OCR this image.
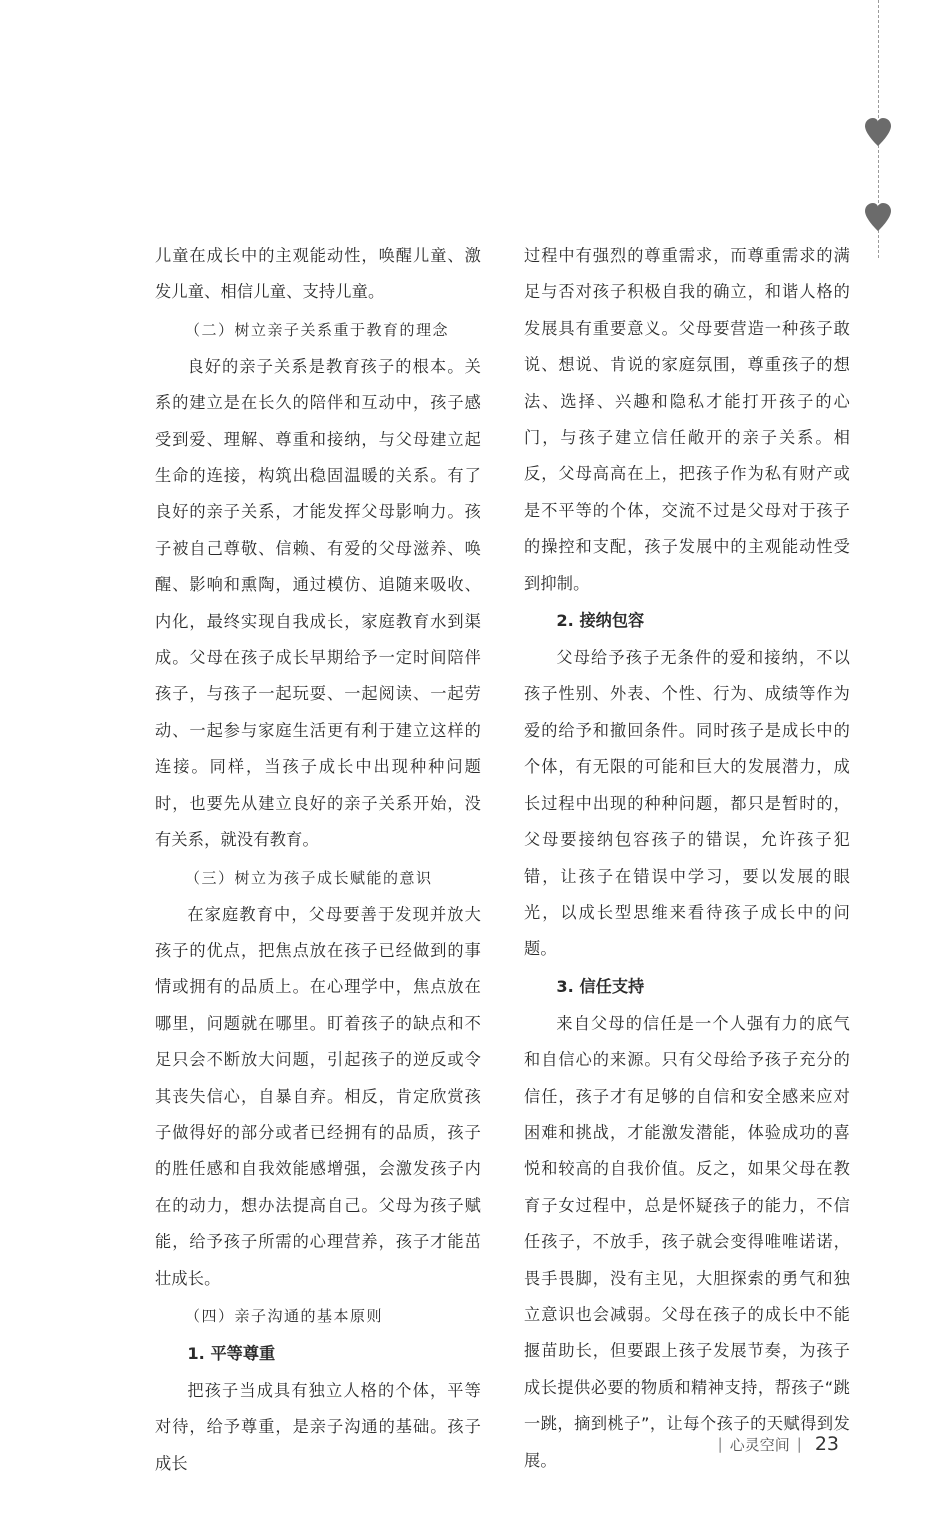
儿童在成长中的主观能动性，唤醒儿童、激发儿童、相信儿童、支持儿童。

（二）树立亲子关系重于教育的理念

良好的亲子关系是教育孩子的根本。关系的建立是在长久的陪伴和互动中，孩子感受到爱、理解、尊重和接纳，与父母建立起生命的连接，构筑出稳固温暖的关系。有了良好的亲子关系，才能发挥父母影响力。孩子被自己尊敬、信赖、有爱的父母滋养、唤醒、影响和熏陶，通过模仿、追随来吸收、内化，最终实现自我成长，家庭教育水到渠成。父母在孩子成长早期给予一定时间陪伴孩子，与孩子一起玩耍、一起阅读、一起劳动、一起参与家庭生活更有利于建立这样的连接。同样，当孩子成长中出现种种问题时，也要先从建立良好的亲子关系开始，没有关系，就没有教育。

（三）树立为孩子成长赋能的意识

在家庭教育中，父母要善于发现并放大孩子的优点，把焦点放在孩子已经做到的事情或拥有的品质上。在心理学中，焦点放在哪里，问题就在哪里。盯着孩子的缺点和不足只会不断放大问题，引起孩子的逆反或令其丧失信心，自暴自弃。相反，肯定欣赏孩子做得好的部分或者已经拥有的品质，孩子的胜任感和自我效能感增强，会激发孩子内在的动力，想办法提高自己。父母为孩子赋能，给予孩子所需的心理营养，孩子才能茁壮成长。

（四）亲子沟通的基本原则
1. 平等尊重

把孩子当成具有独立人格的个体，平等对待，给予尊重，是亲子沟通的基础。孩子成长

过程中有强烈的尊重需求，而尊重需求的满足与否对孩子积极自我的确立，和谐人格的发展具有重要意义。父母要营造一种孩子敢说、想说、肯说的家庭氛围，尊重孩子的想法、选择、兴趣和隐私才能打开孩子的心门，与孩子建立信任敞开的亲子关系。相反，父母高高在上，把孩子作为私有财产或是不平等的个体，交流不过是父母对于孩子的操控和支配，孩子发展中的主观能动性受到抑制。

2. 接纳包容

父母给予孩子无条件的爱和接纳，不以孩子性别、外表、个性、行为、成绩等作为爱的给予和撤回条件。同时孩子是成长中的个体，有无限的可能和巨大的发展潜力，成长过程中出现的种种问题，都只是暂时的，父母要接纳包容孩子的错误，允许孩子犯错，让孩子在错误中学习，要以发展的眼光，以成长型思维来看待孩子成长中的问题。

3. 信任支持

来自父母的信任是一个人强有力的底气和自信心的来源。只有父母给予孩子充分的信任，孩子才有足够的自信和安全感来应对困难和挑战，才能激发潜能，体验成功的喜悦和较高的自我价值。反之，如果父母在教育子女过程中，总是怀疑孩子的能力，不信任孩子，不放手，孩子就会变得唯唯诺诺，畏手畏脚，没有主见，大胆探索的勇气和独立意识也会减弱。父母在孩子的成长中不能揠苗助长，但要跟上孩子发展节奏，为孩子成长提供必要的物质和精神支持，帮孩子“跳一跳，摘到桃子”，让每个孩子的天赋得到发展。

| 心灵空间 | 23
